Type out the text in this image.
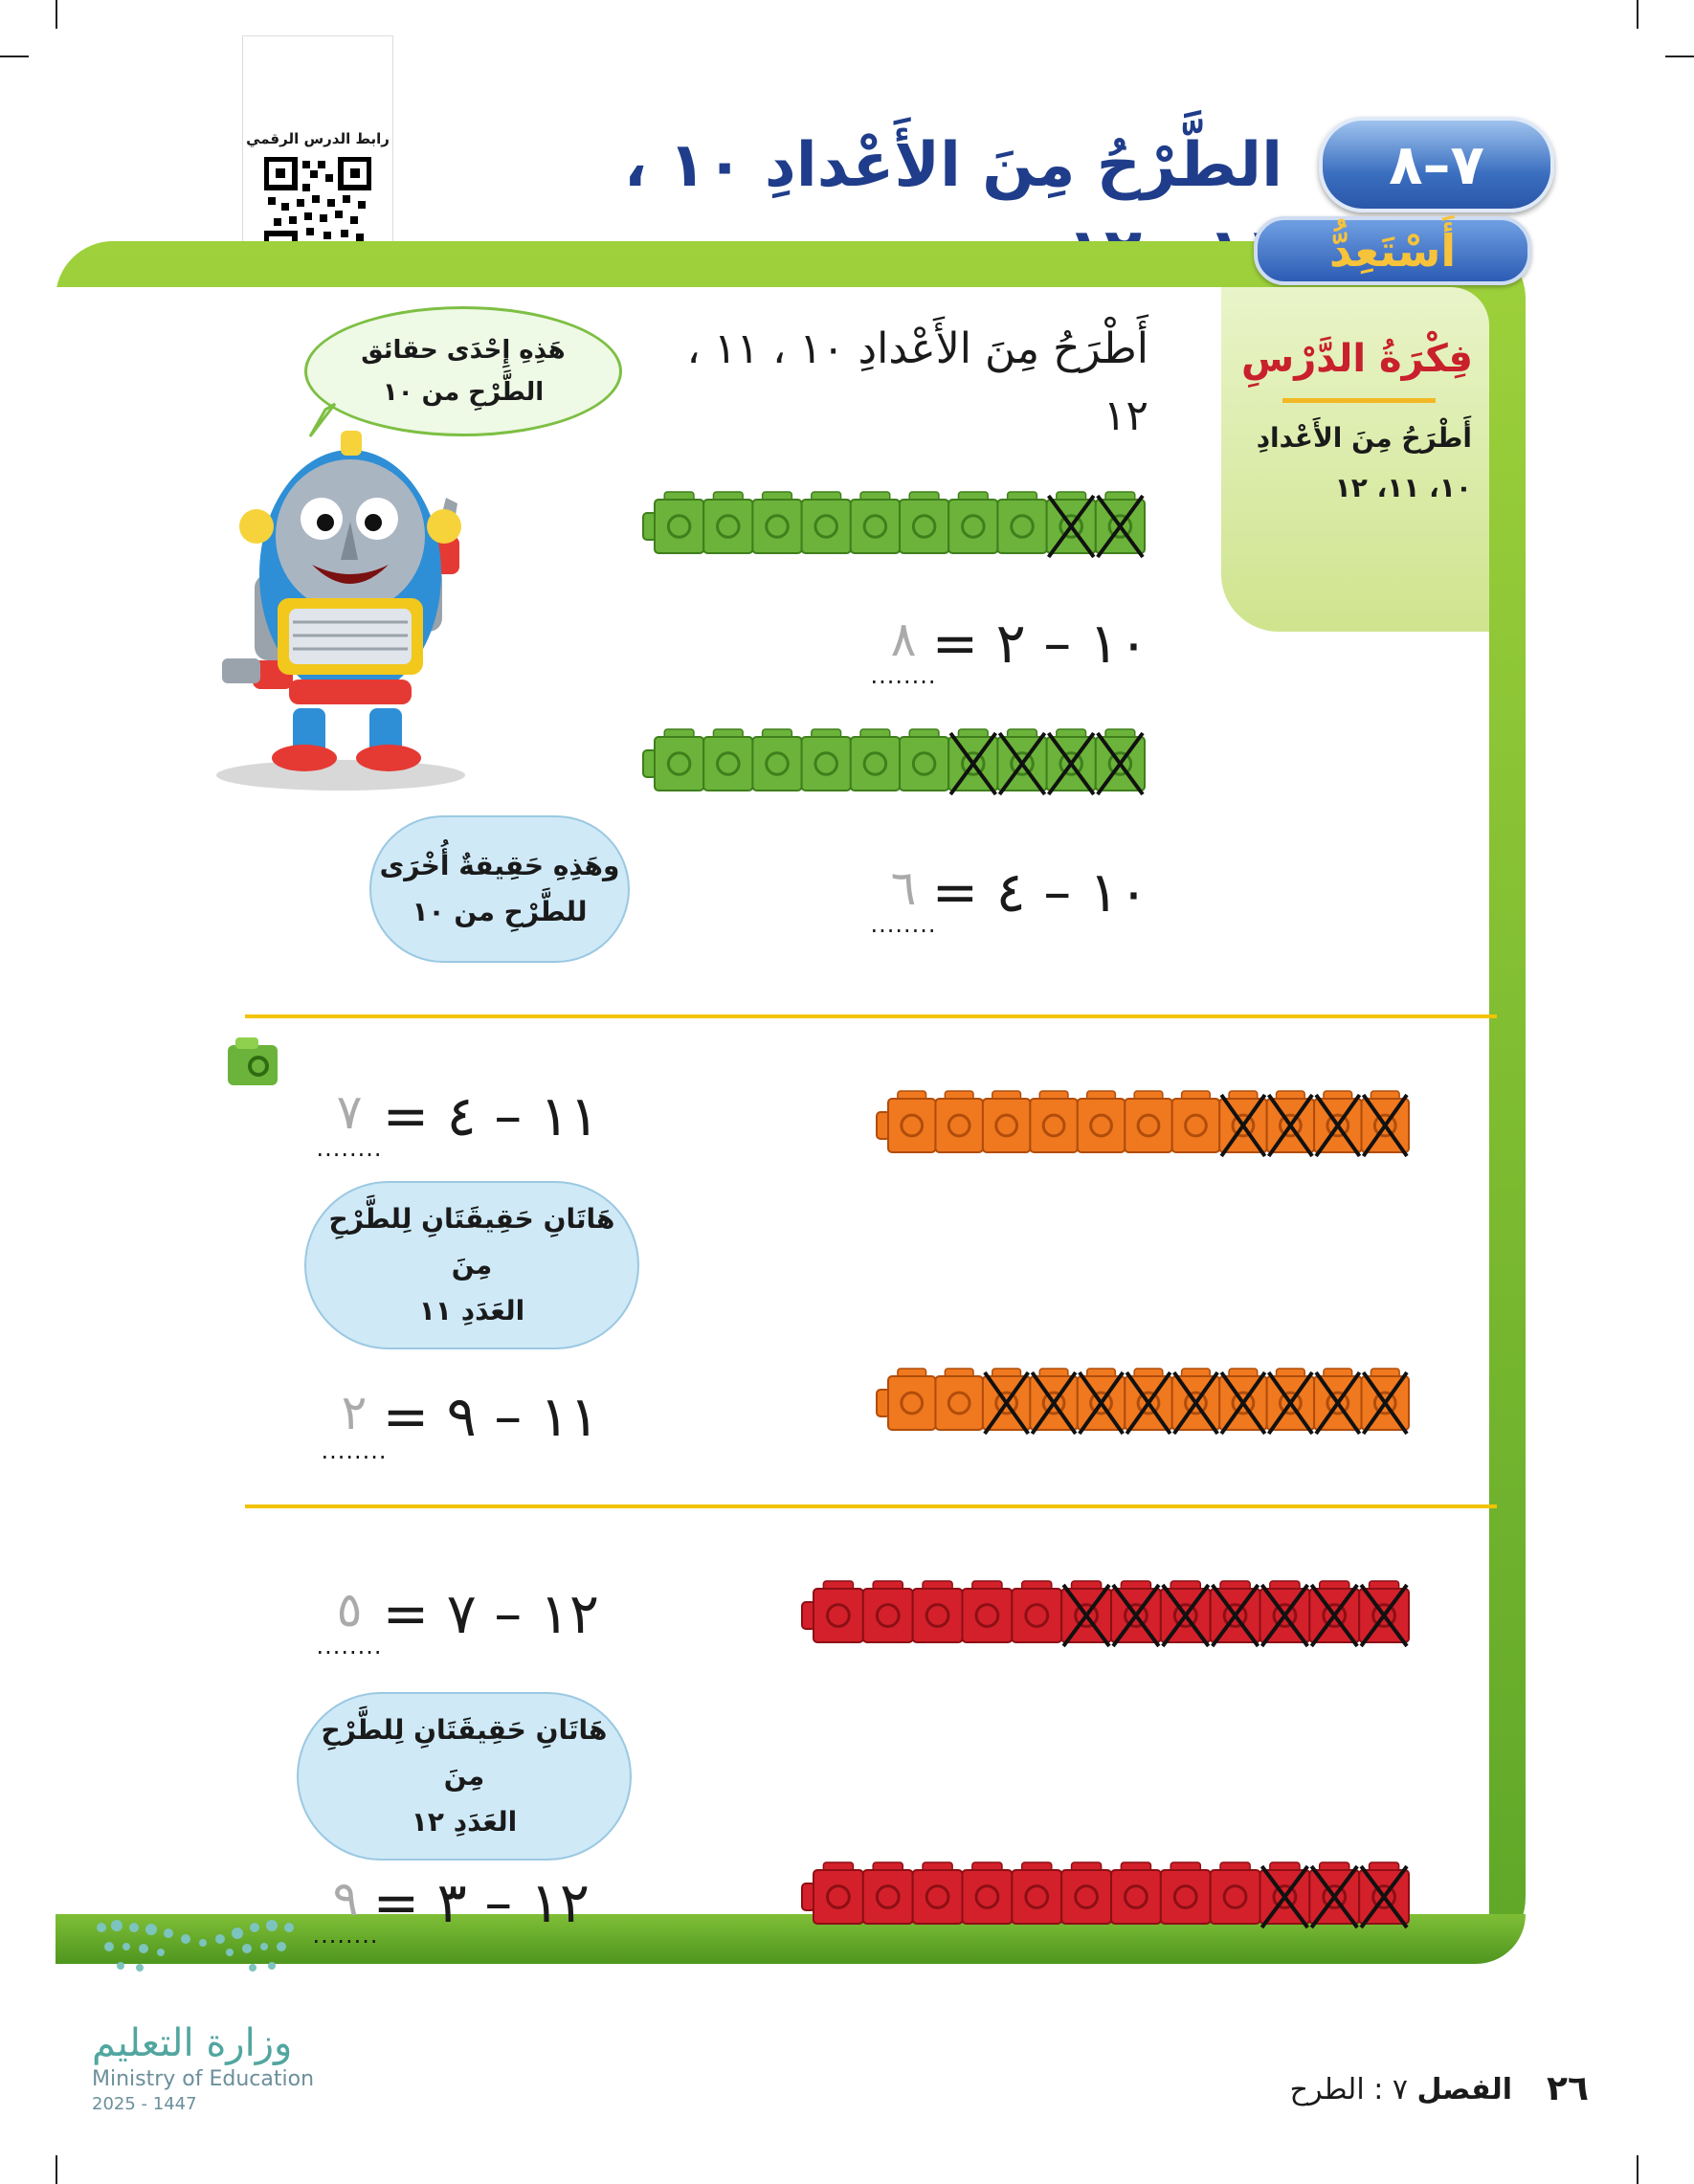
رابط الدرس الرقمي	الطَّرْحُ مِنَ الأَعْدادِ ١٠ ،	٧–٨
أَسْتَعِدُّ
فِكْرَةُ الدَّرْسِ
أَطْرَحُ مِنَ الأَعْدادِ
١٠، ١١، ١٢
أَطْرَحُ مِنَ الأَعْدادِ ١٠ ، ١١ ، ١٢
هَذِهِ إِحْدَى حقائق
الطَّرْحِ من ١٠
وهَذِهِ حَقِيقةٌ أُخْرَى
للطَّرْحِ من ١٠
هَاتَانِ حَقِيقَتَانِ لِلطَّرْحِ مِنَ
العَدَدِ ١١
هَاتَانِ حَقِيقَتَانِ لِلطَّرْحِ مِنَ
العَدَدِ ١٢
١٠ – ٢ =
٨
........
١٠ – ٤ =
٦
........
١١ – ٤ =
٧
........
١١ – ٩ =
٢
........
١٢ – ٧ =
٥
........
١٢ – ٣ =
٩
........
وزارة التعليم
Ministry of Education
2025 - 1447	٢٦
الفصل ٧ : الطرح
